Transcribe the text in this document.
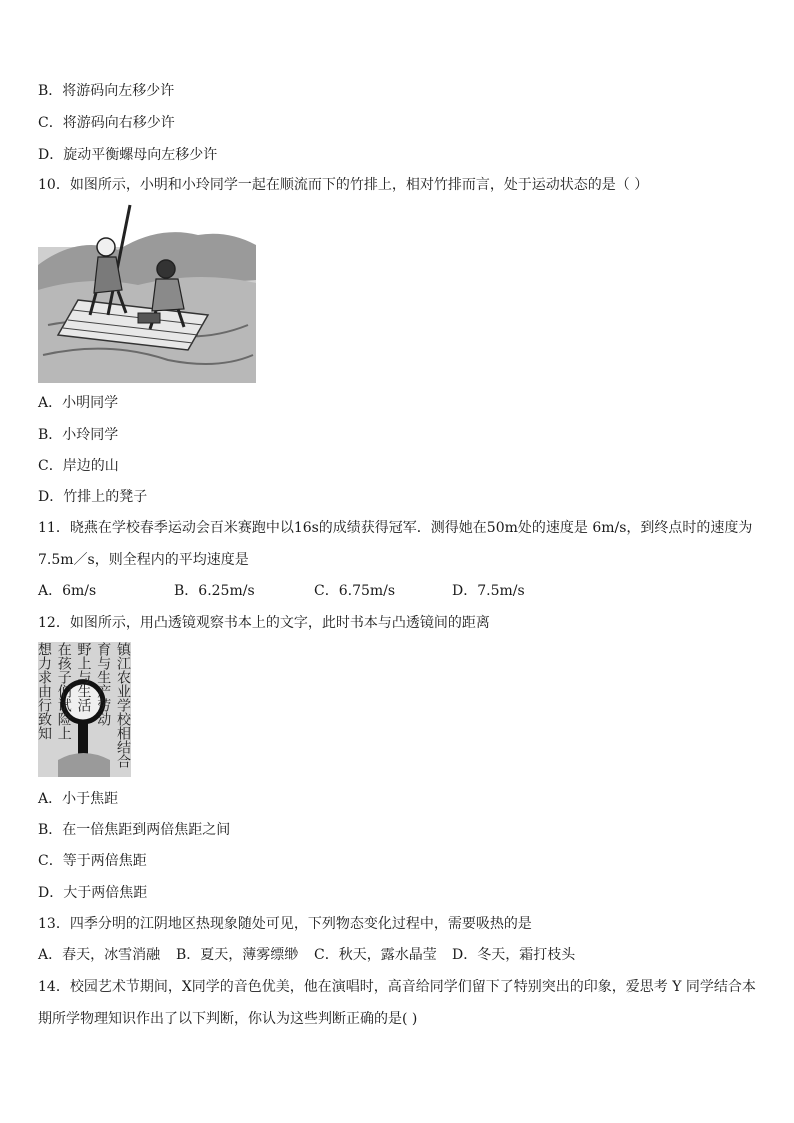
B．将游码向左移少许
C．将游码向右移少许
D．旋动平衡螺母向左移少许
10．如图所示，小明和小玲同学一起在顺流而下的竹排上，相对竹排而言，处于运动状态的是（ ）
A．小明同学
B．小玲同学
C．岸边的山
D．竹排上的凳子
11．晓燕在学校春季运动会百米赛跑中以16s的成绩获得冠军．测得她在50m处的速度是 6m/s，到终点时的速度为
7.5m／s，则全程内的平均速度是
A．6m/s	B．6.25m/s	C．6.75m/s	D．7.5m/s
12．如图所示，用凸透镜观察书本上的文字，此时书本与凸透镜间的距离
镇江农业学校相结合
育与生产劳动
野上与生活
在孩子们试险上
想力求由行致知
A．小于焦距
B．在一倍焦距到两倍焦距之间
C．等于两倍焦距
D．大于两倍焦距
13．四季分明的江阴地区热现象随处可见，下列物态变化过程中，需要吸热的是
A．春天，冰雪消融 B．夏天，薄雾缥缈 C．秋天，露水晶莹 D．冬天，霜打枝头
14．校园艺术节期间，X同学的音色优美，他在演唱时，高音给同学们留下了特别突出的印象，爱思考 Y 同学结合本
期所学物理知识作出了以下判断，你认为这些判断正确的是( )
